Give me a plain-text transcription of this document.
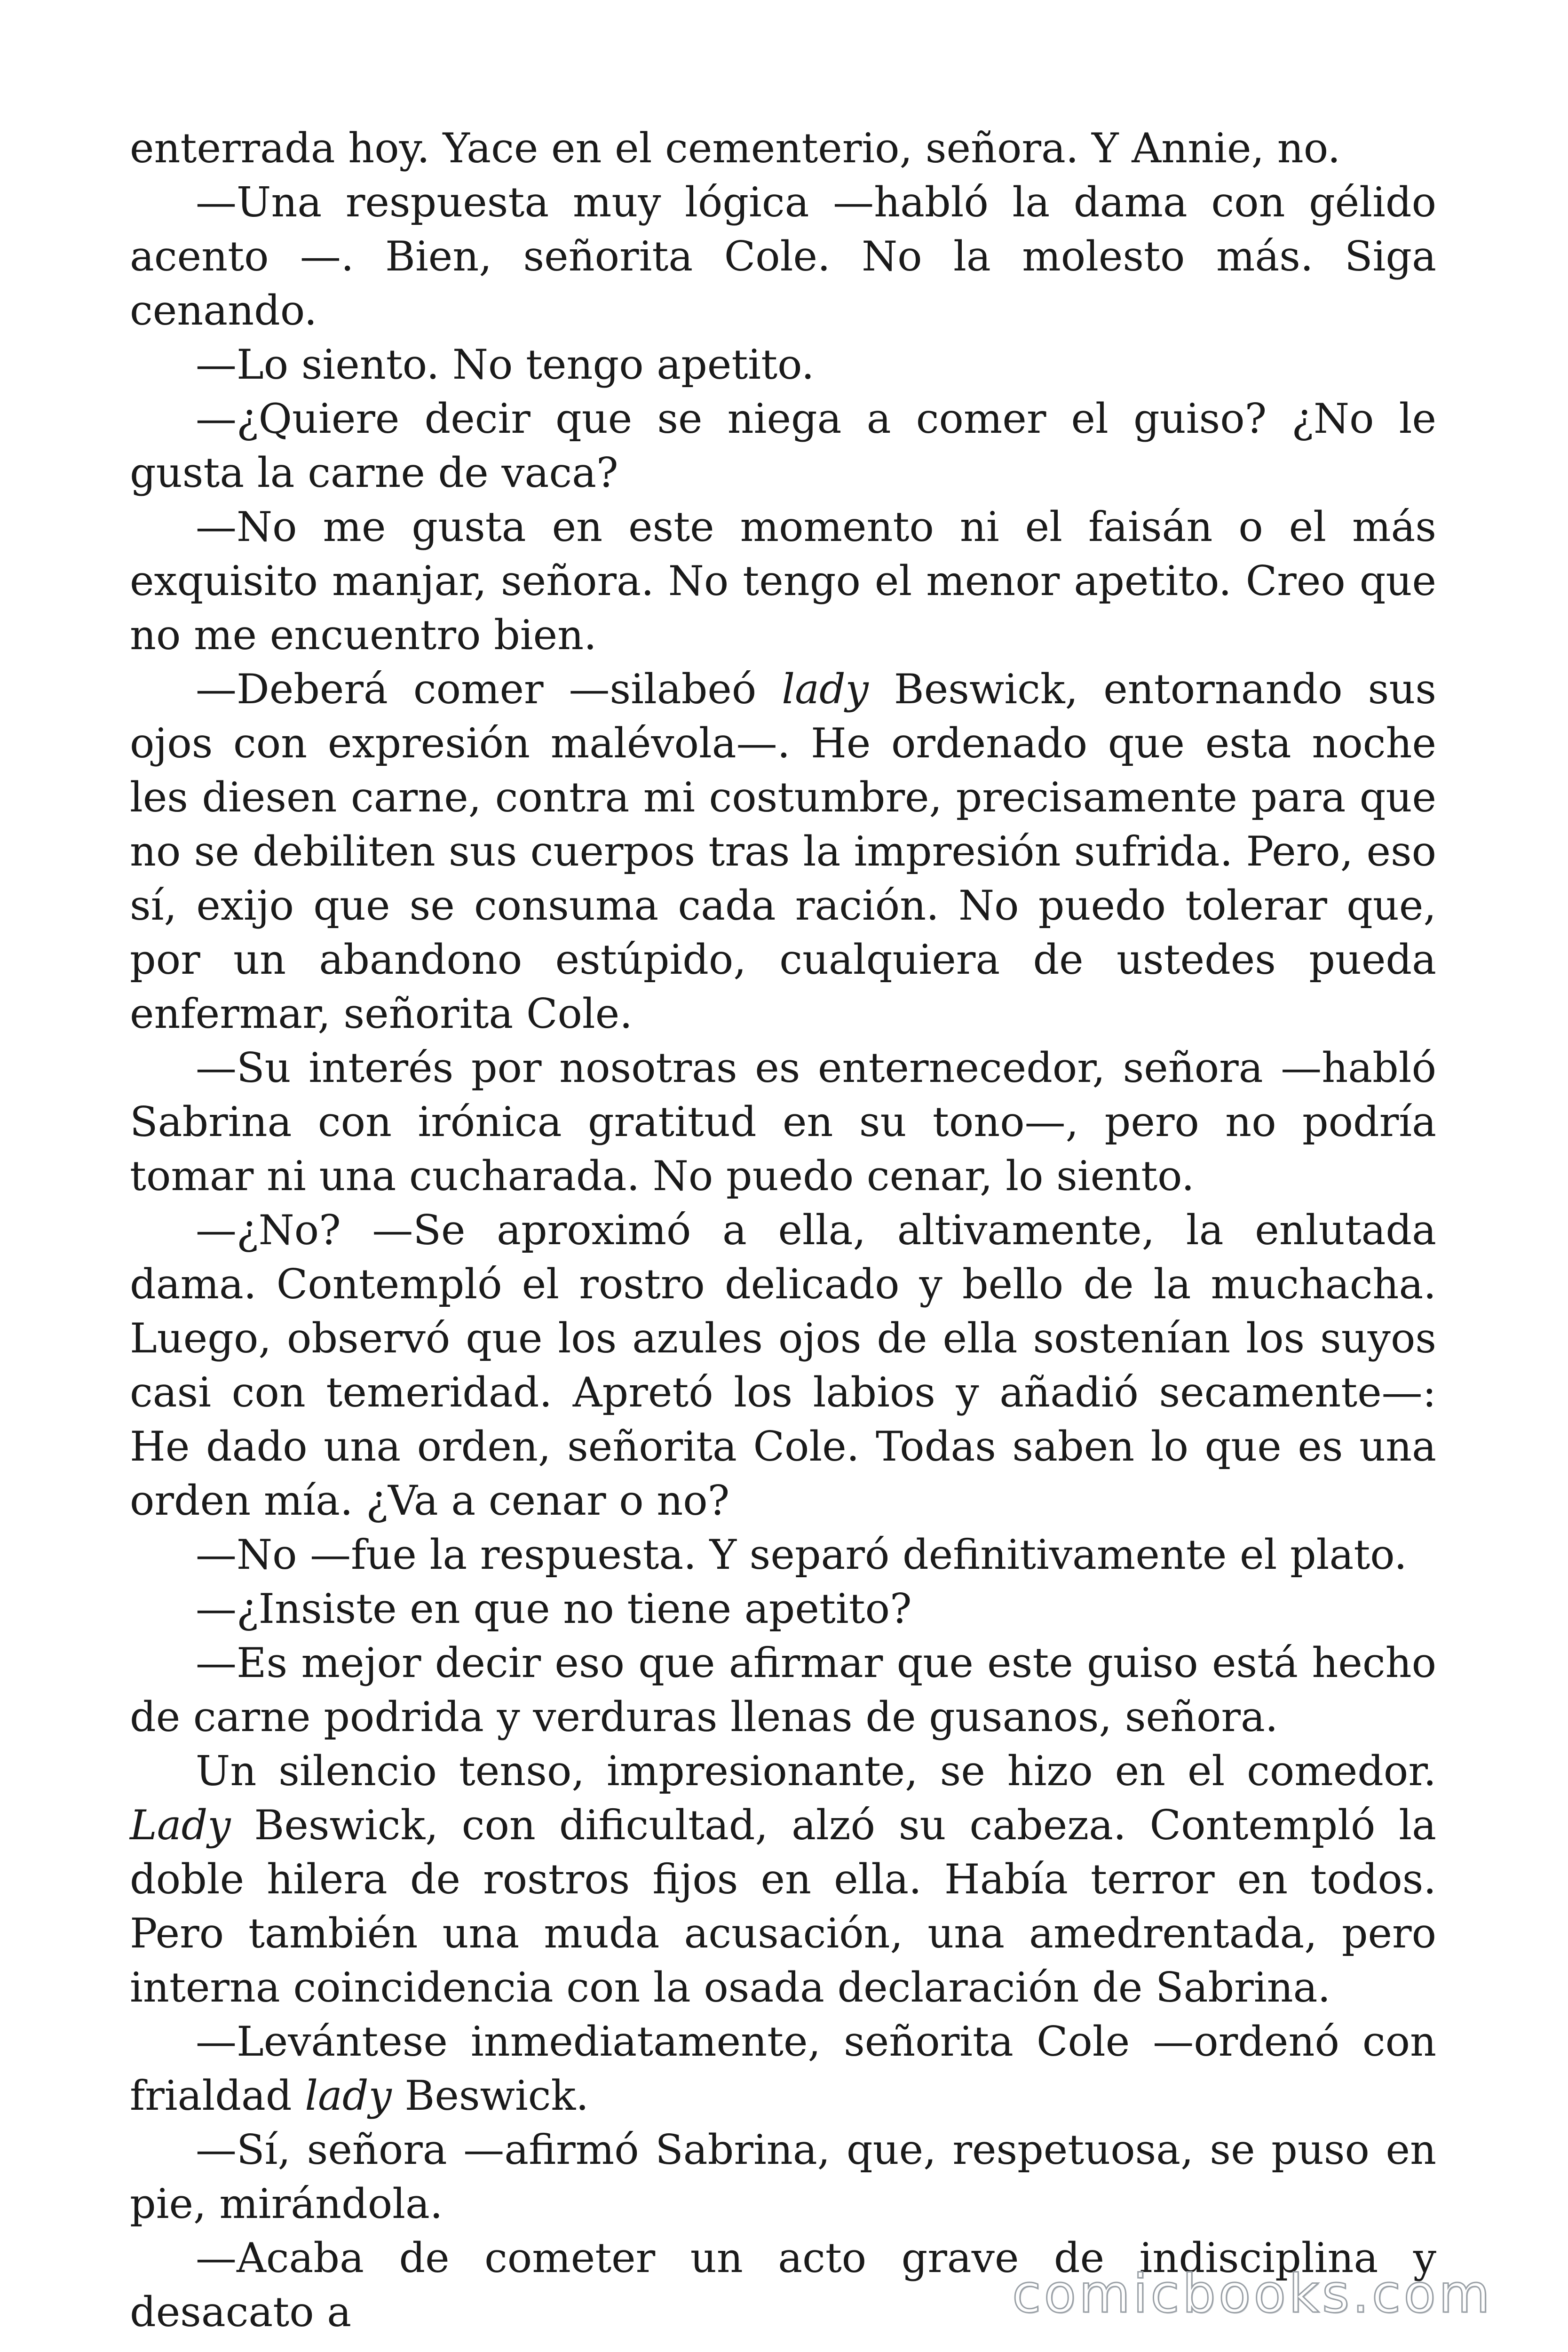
enterrada hoy. Yace en el cementerio, señora. Y Annie, no.

—Una respuesta muy lógica —habló la dama con gélido acento —. Bien, señorita Cole. No la molesto más. Siga cenando.

—Lo siento. No tengo apetito.

—¿Quiere decir que se niega a comer el guiso? ¿No le gusta la carne de vaca?

—No me gusta en este momento ni el faisán o el más exquisito manjar, señora. No tengo el menor apetito. Creo que no me encuentro bien.

—Deberá comer —silabeó lady Beswick, entornando sus ojos con expresión malévola—. He ordenado que esta noche les diesen carne, contra mi costumbre, precisamente para que no se debiliten sus cuerpos tras la impresión sufrida. Pero, eso sí, exijo que se consuma cada ración. No puedo tolerar que, por un abandono estúpido, cualquiera de ustedes pueda enfermar, señorita Cole.

—Su interés por nosotras es enternecedor, señora —habló Sabrina con irónica gratitud en su tono—, pero no podría tomar ni una cucharada. No puedo cenar, lo siento.

—¿No? —Se aproximó a ella, altivamente, la enlutada dama. Contempló el rostro delicado y bello de la muchacha. Luego, observó que los azules ojos de ella sostenían los suyos casi con temeridad. Apretó los labios y añadió secamente—: He dado una orden, señorita Cole. Todas saben lo que es una orden mía. ¿Va a cenar o no?

—No —fue la respuesta. Y separó definitivamente el plato.

—¿Insiste en que no tiene apetito?

—Es mejor decir eso que afirmar que este guiso está hecho de carne podrida y verduras llenas de gusanos, señora.

Un silencio tenso, impresionante, se hizo en el comedor. Lady Beswick, con dificultad, alzó su cabeza. Contempló la doble hilera de rostros fijos en ella. Había terror en todos. Pero también una muda acusación, una amedrentada, pero interna coincidencia con la osada declaración de Sabrina.

—Levántese inmediatamente, señorita Cole —ordenó con frialdad lady Beswick.

—Sí, señora —afirmó Sabrina, que, respetuosa, se puso en pie, mirándola.

—Acaba de cometer un acto grave de indisciplina y desacato a	comicbooks.com
